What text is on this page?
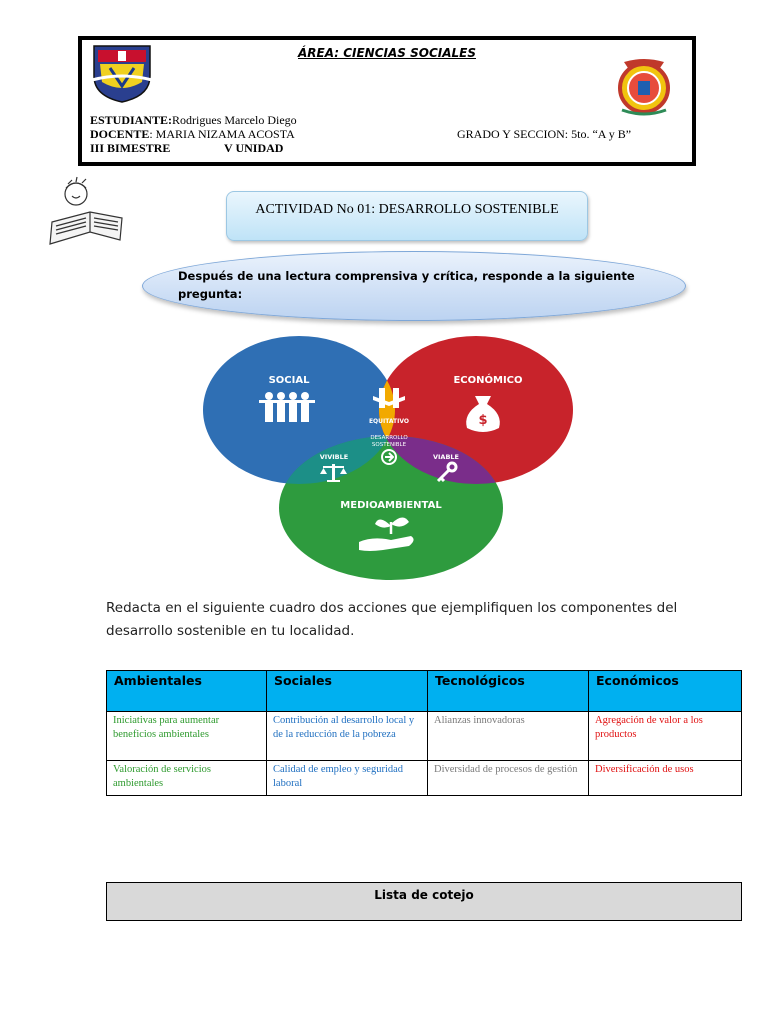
ÁREA: CIENCIAS SOCIALES
ESTUDIANTE:Rodrigues Marcelo Diego
DOCENTE: MARIA NIZAMA ACOSTA	GRADO Y SECCION: 5to. “A y B”
III BIMESTRE	V UNIDAD
ACTIVIDAD No 01: DESARROLLO SOSTENIBLE
Después de una lectura comprensiva y crítica, responde a la siguiente pregunta:
SOCIAL	ECONÓMICO
EQUITATIVO
DESARROLLO
SOSTENIBLE
VIVIBLE	VIABLE
MEDIOAMBIENTAL
$
Redacta en el siguiente cuadro dos acciones que ejemplifiquen los componentes del desarrollo sostenible en tu localidad.
Ambientales	Sociales	Tecnológicos	Económicos
Iniciativas para aumentar beneficios ambientales	Contribución al desarrollo local y de la reducción de la pobreza	Alianzas innovadoras	Agregación de valor a los productos
Valoración de servicios ambientales	Calidad de empleo y seguridad laboral	Diversidad de procesos de gestión	Diversificación de usos
Lista de cotejo
